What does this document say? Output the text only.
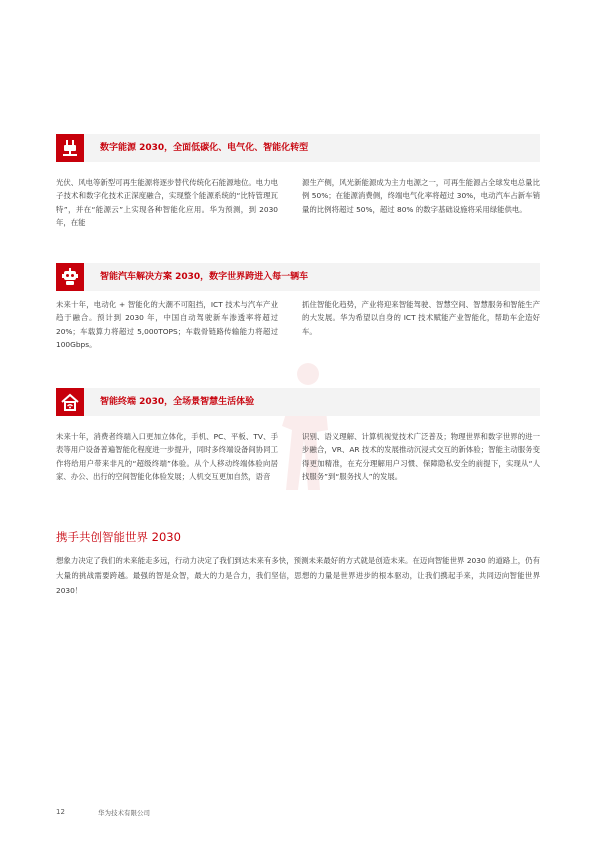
数字能源 2030，全面低碳化、电气化、智能化转型

光伏、风电等新型可再生能源将逐步替代传统化石能源地位。电力电子技术和数字化技术正深度融合，实现整个能源系统的“比特管理瓦特”，并在“能源云”上实现各种智能化应用。华为预测，到 2030 年，在能

源生产侧，风光新能源成为主力电源之一，可再生能源占全球发电总量比例 50%；在能源消费侧，终端电气化率将超过 30%，电动汽车占新车销量的比例将超过 50%，超过 80% 的数字基础设施将采用绿能供电。

智能汽车解决方案 2030，数字世界跨进入每一辆车

未来十年，电动化 + 智能化的大潮不可阻挡，ICT 技术与汽车产业趋于融合。预计到 2030 年，中国自动驾驶新车渗透率将超过 20%；车载算力将超过 5,000TOPS；车载骨链路传输能力将超过 100Gbps。

抓住智能化趋势，产业将迎来智能驾驶、智慧空间、智慧服务和智能生产的大发展。华为希望以自身的 ICT 技术赋能产业智能化，帮助车企造好车。

智能终端 2030，全场景智慧生活体验

未来十年，消费者终端入口更加立体化，手机、PC、平板、TV、手表等用户设备普遍智能化程度进一步提升，同时多终端设备间协同工作将给用户带来非凡的“超级终端”体验。从个人移动终端体验向居家、办公、出行的空间智能化体验发展；人机交互更加自然，语音

识别、语义理解、计算机视觉技术广泛普及；物理世界和数字世界的进一步融合，VR、AR 技术的发展推动沉浸式交互的新体验；智能主动服务变得更加精准，在充分理解用户习惯、保障隐私安全的前提下，实现从“人找服务”到“服务找人”的发展。

携手共创智能世界 2030

想象力决定了我们的未来能走多远，行动力决定了我们到达未来有多快，预测未来最好的方式就是创造未来。在迈向智能世界 2030 的道路上，仍有大量的挑战需要跨越。最强的智是众智，最大的力是合力，我们坚信，思想的力量是世界进步的根本驱动，让我们携起手来，共同迈向智能世界 2030！

12	华为技术有限公司
